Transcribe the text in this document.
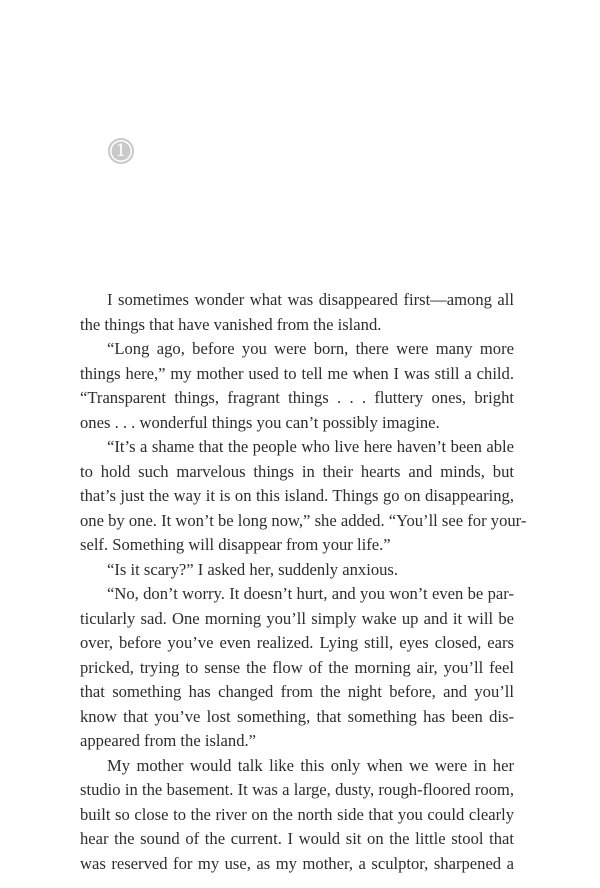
1
I sometimes wonder what was disappeared first—among all
the things that have vanished from the island.
“Long ago, before you were born, there were many more
things here,” my mother used to tell me when I was still a child.
“Transparent things, fragrant things . . . fluttery ones, bright
ones . . . wonderful things you can’t possibly imagine.
“It’s a shame that the people who live here haven’t been able
to hold such marvelous things in their hearts and minds, but
that’s just the way it is on this island. Things go on disappearing,
one by one. It won’t be long now,” she added. “You’ll see for your-
self. Something will disappear from your life.”
“Is it scary?” I asked her, suddenly anxious.
“No, don’t worry. It doesn’t hurt, and you won’t even be par-
ticularly sad. One morning you’ll simply wake up and it will be
over, before you’ve even realized. Lying still, eyes closed, ears
pricked, trying to sense the flow of the morning air, you’ll feel
that something has changed from the night before, and you’ll
know that you’ve lost something, that something has been dis-
appeared from the island.”
My mother would talk like this only when we were in her
studio in the basement. It was a large, dusty, rough-floored room,
built so close to the river on the north side that you could clearly
hear the sound of the current. I would sit on the little stool that
was reserved for my use, as my mother, a sculptor, sharpened a
